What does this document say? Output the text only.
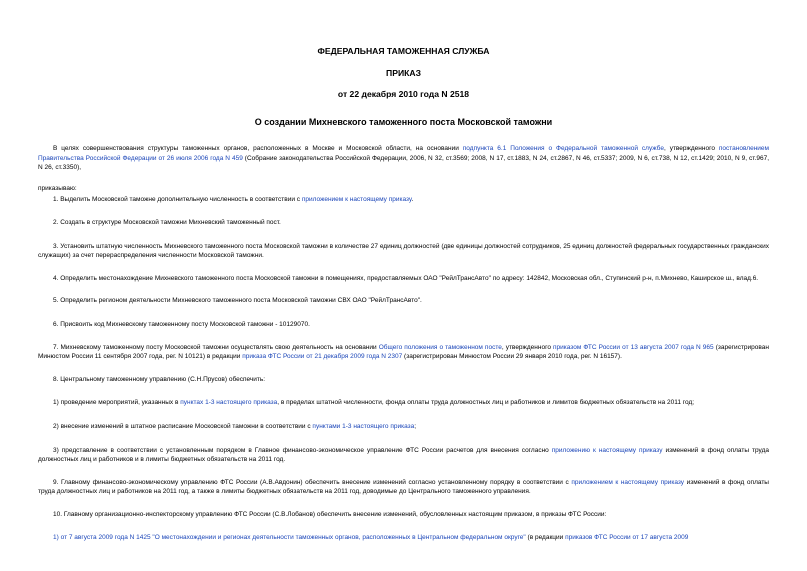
ФЕДЕРАЛЬНАЯ ТАМОЖЕННАЯ СЛУЖБА
ПРИКАЗ
от 22 декабря 2010 года N 2518
О создании Михневского таможенного поста Московской таможни

В целях совершенствования структуры таможенных органов, расположенных в Москве и Московской области, на основании подпункта 6.1 Положения о Федеральной таможенной службе, утвержденного постановлением Правительства Российской Федерации от 26 июля 2006 года N 459 (Собрание законодательства Российской Федерации, 2006, N 32, ст.3569; 2008, N 17, ст.1883, N 24, ст.2867, N 46, ст.5337; 2009, N 6, ст.738, N 12, ст.1429; 2010, N 9, ст.967, N 26, ст.3350),

приказываю:

1. Выделить Московской таможне дополнительную численность в соответствии с приложением к настоящему приказу.

2. Создать в структуре Московской таможни Михневский таможенный пост.

3. Установить штатную численность Михневского таможенного поста Московской таможни в количестве 27 единиц должностей (две единицы должностей сотрудников, 25 единиц должностей федеральных государственных гражданских служащих) за счет перераспределения численности Московской таможни.

4. Определить местонахождение Михневского таможенного поста Московской таможни в помещениях, предоставляемых ОАО "РейлТрансАвто" по адресу: 142842, Московская обл., Ступинский р-н, п.Михнево, Каширское ш., влад.6.

5. Определить регионом деятельности Михневского таможенного поста Московской таможни СВХ ОАО "РейлТрансАвто".

6. Присвоить код Михневскому таможенному посту Московской таможни - 10129070.

7. Михневскому таможенному посту Московской таможни осуществлять свою деятельность на основании Общего положения о таможенном посте, утвержденного приказом ФТС России от 13 августа 2007 года N 965 (зарегистрирован Минюстом России 11 сентября 2007 года, рег. N 10121) в редакции приказа ФТС России от 21 декабря 2009 года N 2307 (зарегистрирован Минюстом России 29 января 2010 года, рег. N 16157).

8. Центральному таможенному управлению (С.Н.Прусов) обеспечить:

1) проведение мероприятий, указанных в пунктах 1-3 настоящего приказа, в пределах штатной численности, фонда оплаты труда должностных лиц и работников и лимитов бюджетных обязательств на 2011 год;

2) внесение изменений в штатное расписание Московской таможни в соответствии с пунктами 1-3 настоящего приказа;

3) представление в соответствии с установленным порядком в Главное финансово-экономическое управление ФТС России расчетов для внесения согласно приложению к настоящему приказу изменений в фонд оплаты труда должностных лиц и работников и в лимиты бюджетных обязательств на 2011 год.

9. Главному финансово-экономическому управлению ФТС России (А.В.Авдонин) обеспечить внесение изменений согласно установленному порядку в соответствии с приложением к настоящему приказу изменений в фонд оплаты труда должностных лиц и работников на 2011 год, а также в лимиты бюджетных обязательств на 2011 год, доводимые до Центрального таможенного управления.

10. Главному организационно-инспекторскому управлению ФТС России (С.В.Лобанов) обеспечить внесение изменений, обусловленных настоящим приказом, в приказы ФТС России:

1) от 7 августа 2009 года N 1425 "О местонахождении и регионах деятельности таможенных органов, расположенных в Центральном федеральном округе" (в редакции приказов ФТС России от 17 августа 2009
